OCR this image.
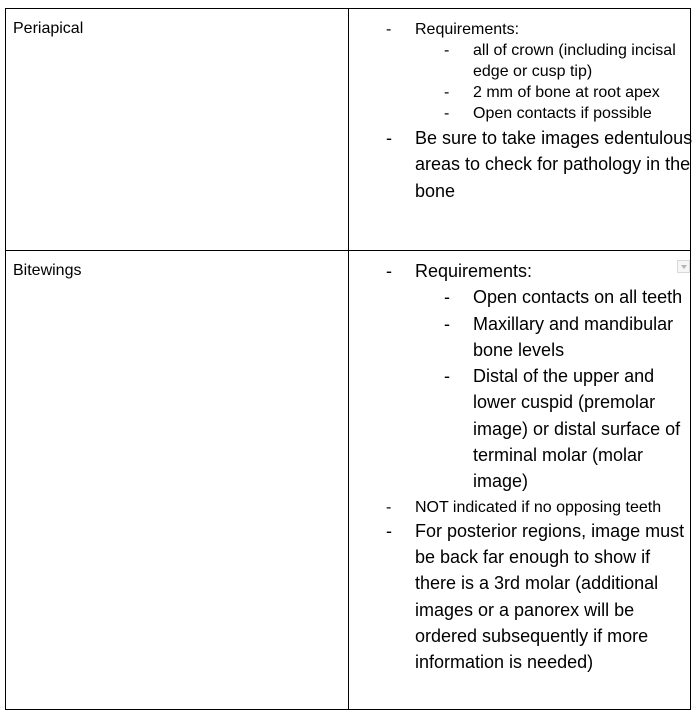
Periapical	- Requirements:
- all of crown (including incisal edge or cusp tip)
- 2 mm of bone at root apex
- Open contacts if possible
- Be sure to take images edentulous areas to check for pathology in the bone
Bitewings	- Requirements:
- Open contacts on all teeth
- Maxillary and mandibular bone levels
- Distal of the upper and lower cuspid (premolar image) or distal surface of terminal molar (molar image)
- NOT indicated if no opposing teeth
- For posterior regions, image must be back far enough to show if there is a 3rd molar (additional images or a panorex will be ordered subsequently if more information is needed)
